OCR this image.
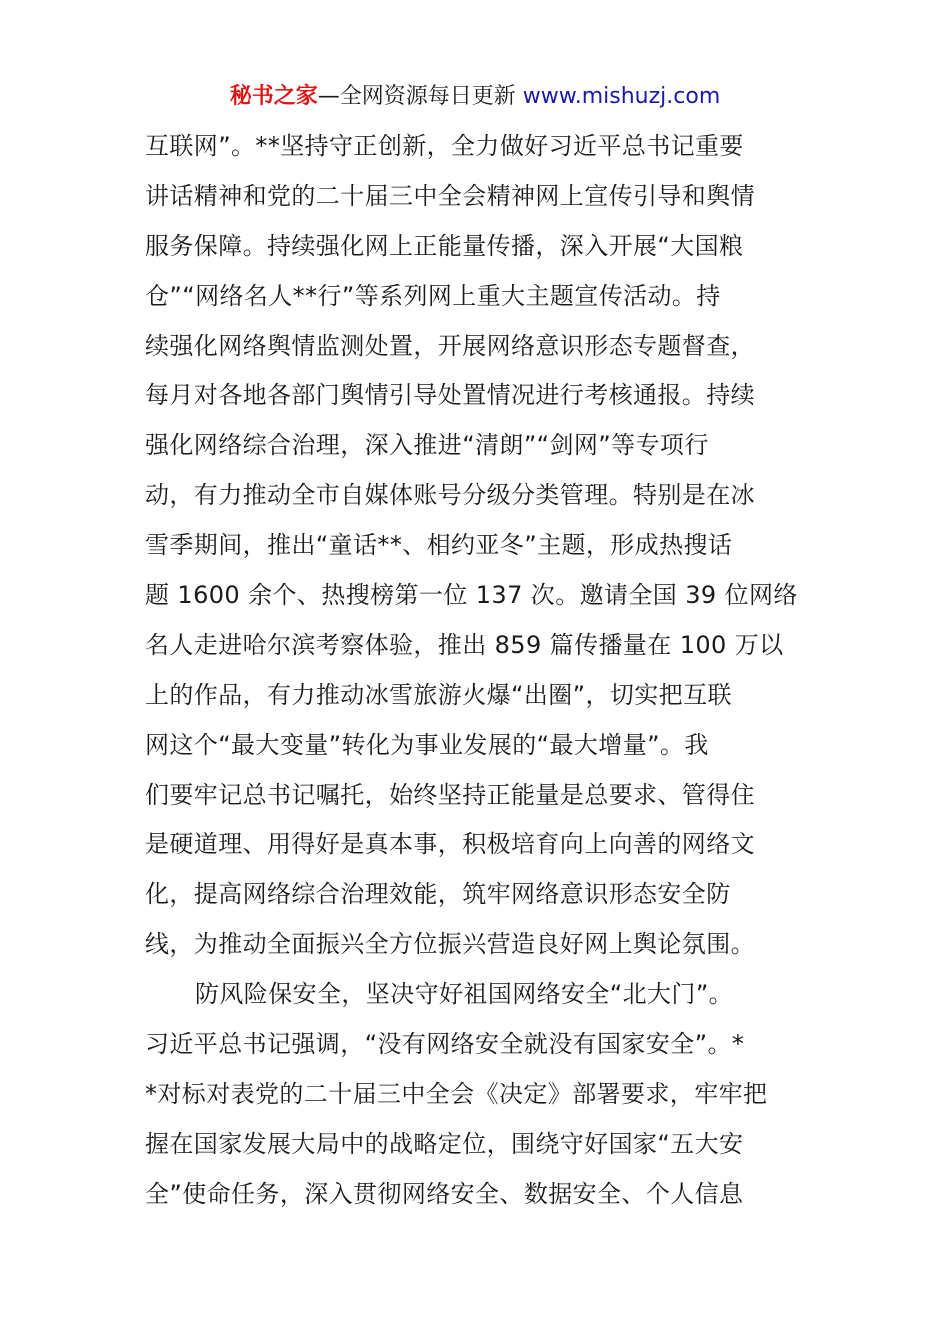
秘书之家—全网资源每日更新 www.mishuzj.com
互联网”。**坚持守正创新，全力做好习近平总书记重要
讲话精神和党的二十届三中全会精神网上宣传引导和舆情
服务保障。持续强化网上正能量传播，深入开展“大国粮
仓”“网络名人**行”等系列网上重大主题宣传活动。持
续强化网络舆情监测处置，开展网络意识形态专题督查，
每月对各地各部门舆情引导处置情况进行考核通报。持续
强化网络综合治理，深入推进“清朗”“剑网”等专项行
动，有力推动全市自媒体账号分级分类管理。特别是在冰
雪季期间，推出“童话**、相约亚冬”主题，形成热搜话
题 1600 余个、热搜榜第一位 137 次。邀请全国 39 位网络
名人走进哈尔滨考察体验，推出 859 篇传播量在 100 万以
上的作品，有力推动冰雪旅游火爆“出圈”，切实把互联
网这个“最大变量”转化为事业发展的“最大增量”。我
们要牢记总书记嘱托，始终坚持正能量是总要求、管得住
是硬道理、用得好是真本事，积极培育向上向善的网络文
化，提高网络综合治理效能，筑牢网络意识形态安全防
线，为推动全面振兴全方位振兴营造良好网上舆论氛围。
防风险保安全，坚决守好祖国网络安全“北大门”。
习近平总书记强调，“没有网络安全就没有国家安全”。*
*对标对表党的二十届三中全会《决定》部署要求，牢牢把
握在国家发展大局中的战略定位，围绕守好国家“五大安
全”使命任务，深入贯彻网络安全、数据安全、个人信息
